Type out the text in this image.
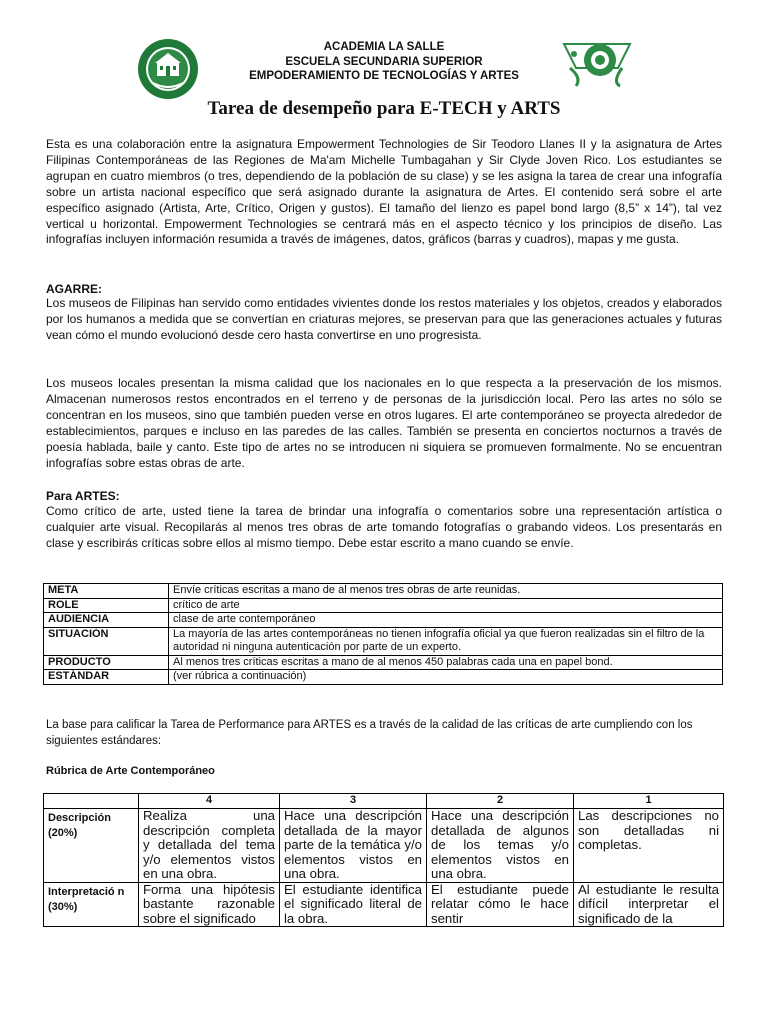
ACADEMIA LA SALLE
ESCUELA SECUNDARIA SUPERIOR
EMPODERAMIENTO DE TECNOLOGÍAS Y ARTES
Tarea de desempeño para E-TECH y ARTS

Esta es una colaboración entre la asignatura Empowerment Technologies de Sir Teodoro Llanes II y la asignatura de Artes Filipinas Contemporáneas de las Regiones de Ma'am Michelle Tumbagahan y Sir Clyde Joven Rico. Los estudiantes se agrupan en cuatro miembros (o tres, dependiendo de la población de su clase) y se les asigna la tarea de crear una infografía sobre un artista nacional específico que será asignado durante la asignatura de Artes. El contenido será sobre el arte específico asignado (Artista, Arte, Crítico, Origen y gustos). El tamaño del lienzo es papel bond largo (8,5” x 14”), tal vez vertical u horizontal. Empowerment Technologies se centrará más en el aspecto técnico y los principios de diseño. Las infografías incluyen información resumida a través de imágenes, datos, gráficos (barras y cuadros), mapas y me gusta.

AGARRE:

Los museos de Filipinas han servido como entidades vivientes donde los restos materiales y los objetos, creados y elaborados por los humanos a medida que se convertían en criaturas mejores, se preservan para que las generaciones actuales y futuras vean cómo el mundo evolucionó desde cero hasta convertirse en uno progresista.

Los museos locales presentan la misma calidad que los nacionales en lo que respecta a la preservación de los mismos. Almacenan numerosos restos encontrados en el terreno y de personas de la jurisdicción local. Pero las artes no sólo se concentran en los museos, sino que también pueden verse en otros lugares. El arte contemporáneo se proyecta alrededor de establecimientos, parques e incluso en las paredes de las calles. También se presenta en conciertos nocturnos a través de poesía hablada, baile y canto. Este tipo de artes no se introducen ni siquiera se promueven formalmente. No se encuentran infografías sobre estas obras de arte.

Para ARTES:

Como crítico de arte, usted tiene la tarea de brindar una infografía o comentarios sobre una representación artística o cualquier arte visual. Recopilarás al menos tres obras de arte tomando fotografías o grabando videos. Los presentarás en clase y escribirás críticas sobre ellos al mismo tiempo. Debe estar escrito a mano cuando se envíe.

META	Envíe críticas escritas a mano de al menos tres obras de arte reunidas.
ROLE	crítico de arte
AUDIENCIA	clase de arte contemporáneo
SITUACIÓN	La mayoría de las artes contemporáneas no tienen infografía oficial ya que fueron realizadas sin el filtro de la autoridad ni ninguna autenticación por parte de un experto.
PRODUCTO	Al menos tres críticas escritas a mano de al menos 450 palabras cada una en papel bond.
ESTÁNDAR	(ver rúbrica a continuación)
La base para calificar la Tarea de Performance para ARTES es a través de la calidad de las críticas de arte cumpliendo con los siguientes estándares:
Rúbrica de Arte Contemporáneo
	4	3	2	1

Descripción
(20%)	Realiza una descripción completa y detallada del tema y/o elementos vistos en una obra.	Hace una descripción detallada de la mayor parte de la temática y/o elementos vistos en una obra.	Hace una descripción detallada de algunos de los temas y/o elementos vistos en una obra.	Las descripciones no son detalladas ni completas.

Interpretació n
(30%)	Forma una hipótesis bastante razonable sobre el significado	El estudiante identifica el significado literal de la obra.	El estudiante puede relatar cómo le hace sentir	Al estudiante le resulta difícil interpretar el significado de la
